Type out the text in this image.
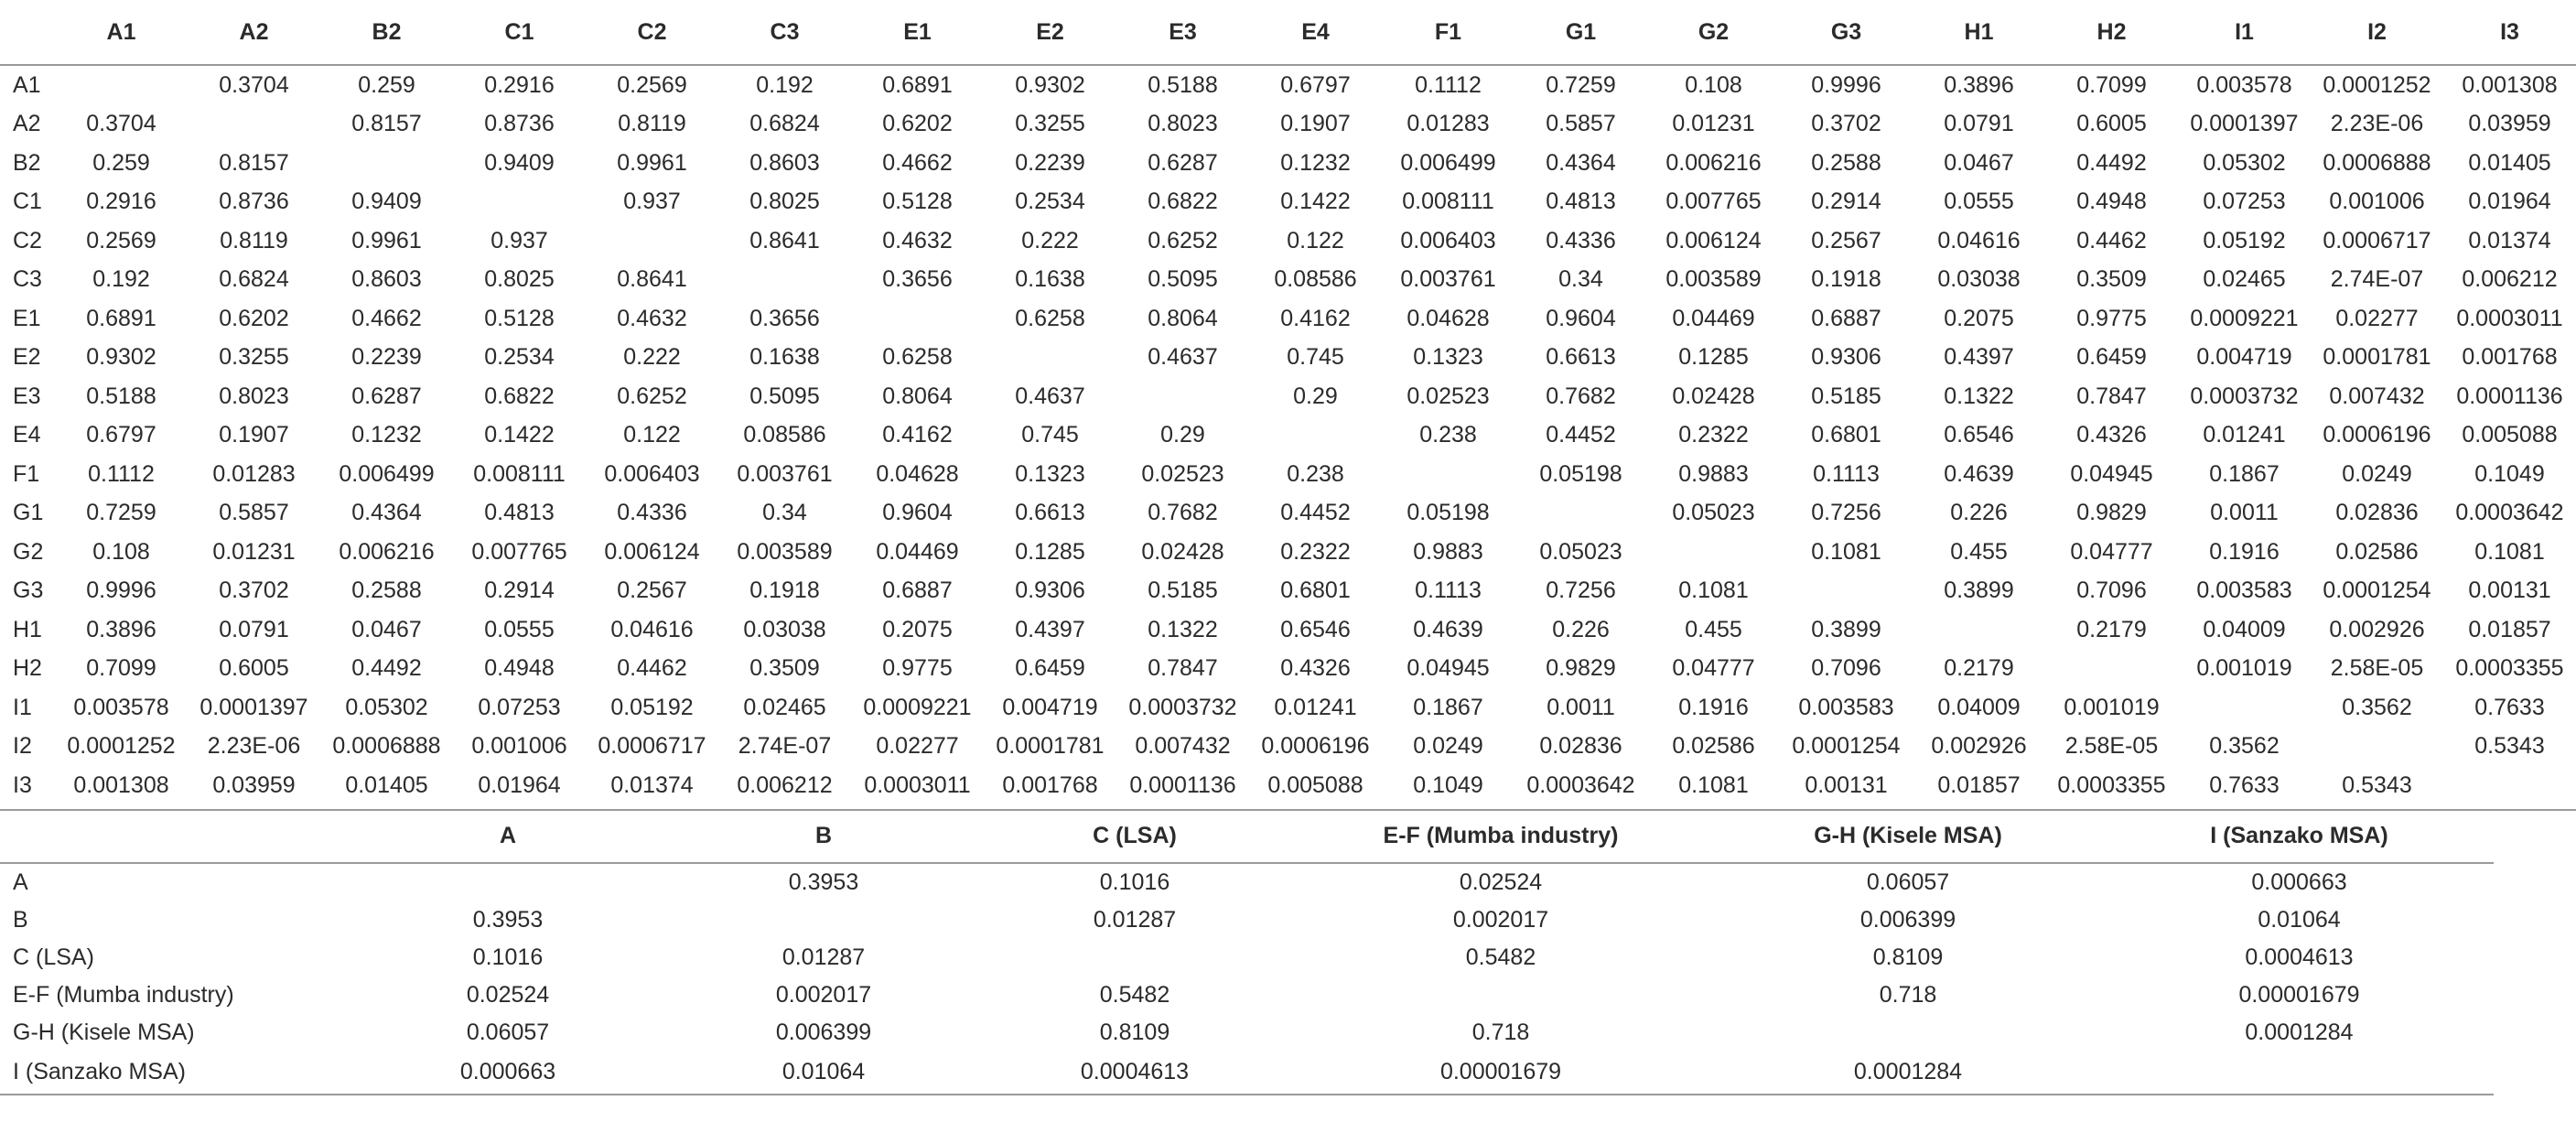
	A1	A2	B2	C1	C2	C3	E1	E2	E3	E4	F1	G1	G2	G3	H1	H2	I1	I2	I3
A1		0.3704	0.259	0.2916	0.2569	0.192	0.6891	0.9302	0.5188	0.6797	0.1112	0.7259	0.108	0.9996	0.3896	0.7099	0.003578	0.0001252	0.001308
A2	0.3704		0.8157	0.8736	0.8119	0.6824	0.6202	0.3255	0.8023	0.1907	0.01283	0.5857	0.01231	0.3702	0.0791	0.6005	0.0001397	2.23E-06	0.03959
B2	0.259	0.8157		0.9409	0.9961	0.8603	0.4662	0.2239	0.6287	0.1232	0.006499	0.4364	0.006216	0.2588	0.0467	0.4492	0.05302	0.0006888	0.01405
C1	0.2916	0.8736	0.9409		0.937	0.8025	0.5128	0.2534	0.6822	0.1422	0.008111	0.4813	0.007765	0.2914	0.0555	0.4948	0.07253	0.001006	0.01964
C2	0.2569	0.8119	0.9961	0.937		0.8641	0.4632	0.222	0.6252	0.122	0.006403	0.4336	0.006124	0.2567	0.04616	0.4462	0.05192	0.0006717	0.01374
C3	0.192	0.6824	0.8603	0.8025	0.8641		0.3656	0.1638	0.5095	0.08586	0.003761	0.34	0.003589	0.1918	0.03038	0.3509	0.02465	2.74E-07	0.006212
E1	0.6891	0.6202	0.4662	0.5128	0.4632	0.3656		0.6258	0.8064	0.4162	0.04628	0.9604	0.04469	0.6887	0.2075	0.9775	0.0009221	0.02277	0.0003011
E2	0.9302	0.3255	0.2239	0.2534	0.222	0.1638	0.6258		0.4637	0.745	0.1323	0.6613	0.1285	0.9306	0.4397	0.6459	0.004719	0.0001781	0.001768
E3	0.5188	0.8023	0.6287	0.6822	0.6252	0.5095	0.8064	0.4637		0.29	0.02523	0.7682	0.02428	0.5185	0.1322	0.7847	0.0003732	0.007432	0.0001136
E4	0.6797	0.1907	0.1232	0.1422	0.122	0.08586	0.4162	0.745	0.29		0.238	0.4452	0.2322	0.6801	0.6546	0.4326	0.01241	0.0006196	0.005088
F1	0.1112	0.01283	0.006499	0.008111	0.006403	0.003761	0.04628	0.1323	0.02523	0.238		0.05198	0.9883	0.1113	0.4639	0.04945	0.1867	0.0249	0.1049
G1	0.7259	0.5857	0.4364	0.4813	0.4336	0.34	0.9604	0.6613	0.7682	0.4452	0.05198		0.05023	0.7256	0.226	0.9829	0.0011	0.02836	0.0003642
G2	0.108	0.01231	0.006216	0.007765	0.006124	0.003589	0.04469	0.1285	0.02428	0.2322	0.9883	0.05023		0.1081	0.455	0.04777	0.1916	0.02586	0.1081
G3	0.9996	0.3702	0.2588	0.2914	0.2567	0.1918	0.6887	0.9306	0.5185	0.6801	0.1113	0.7256	0.1081		0.3899	0.7096	0.003583	0.0001254	0.00131
H1	0.3896	0.0791	0.0467	0.0555	0.04616	0.03038	0.2075	0.4397	0.1322	0.6546	0.4639	0.226	0.455	0.3899		0.2179	0.04009	0.002926	0.01857
H2	0.7099	0.6005	0.4492	0.4948	0.4462	0.3509	0.9775	0.6459	0.7847	0.4326	0.04945	0.9829	0.04777	0.7096	0.2179		0.001019	2.58E-05	0.0003355
I1	0.003578	0.0001397	0.05302	0.07253	0.05192	0.02465	0.0009221	0.004719	0.0003732	0.01241	0.1867	0.0011	0.1916	0.003583	0.04009	0.001019		0.3562	0.7633
I2	0.0001252	2.23E-06	0.0006888	0.001006	0.0006717	2.74E-07	0.02277	0.0001781	0.007432	0.0006196	0.0249	0.02836	0.02586	0.0001254	0.002926	2.58E-05	0.3562		0.5343
I3	0.001308	0.03959	0.01405	0.01964	0.01374	0.006212	0.0003011	0.001768	0.0001136	0.005088	0.1049	0.0003642	0.1081	0.00131	0.01857	0.0003355	0.7633	0.5343	
	A	B	C (LSA)	E-F (Mumba industry)	G-H (Kisele MSA)	I (Sanzako MSA)
A		0.3953	0.1016	0.02524	0.06057	0.000663
B	0.3953		0.01287	0.002017	0.006399	0.01064
C (LSA)	0.1016	0.01287		0.5482	0.8109	0.0004613
E-F (Mumba industry)	0.02524	0.002017	0.5482		0.718	0.00001679
G-H (Kisele MSA)	0.06057	0.006399	0.8109	0.718		0.0001284
I (Sanzako MSA)	0.000663	0.01064	0.0004613	0.00001679	0.0001284	
